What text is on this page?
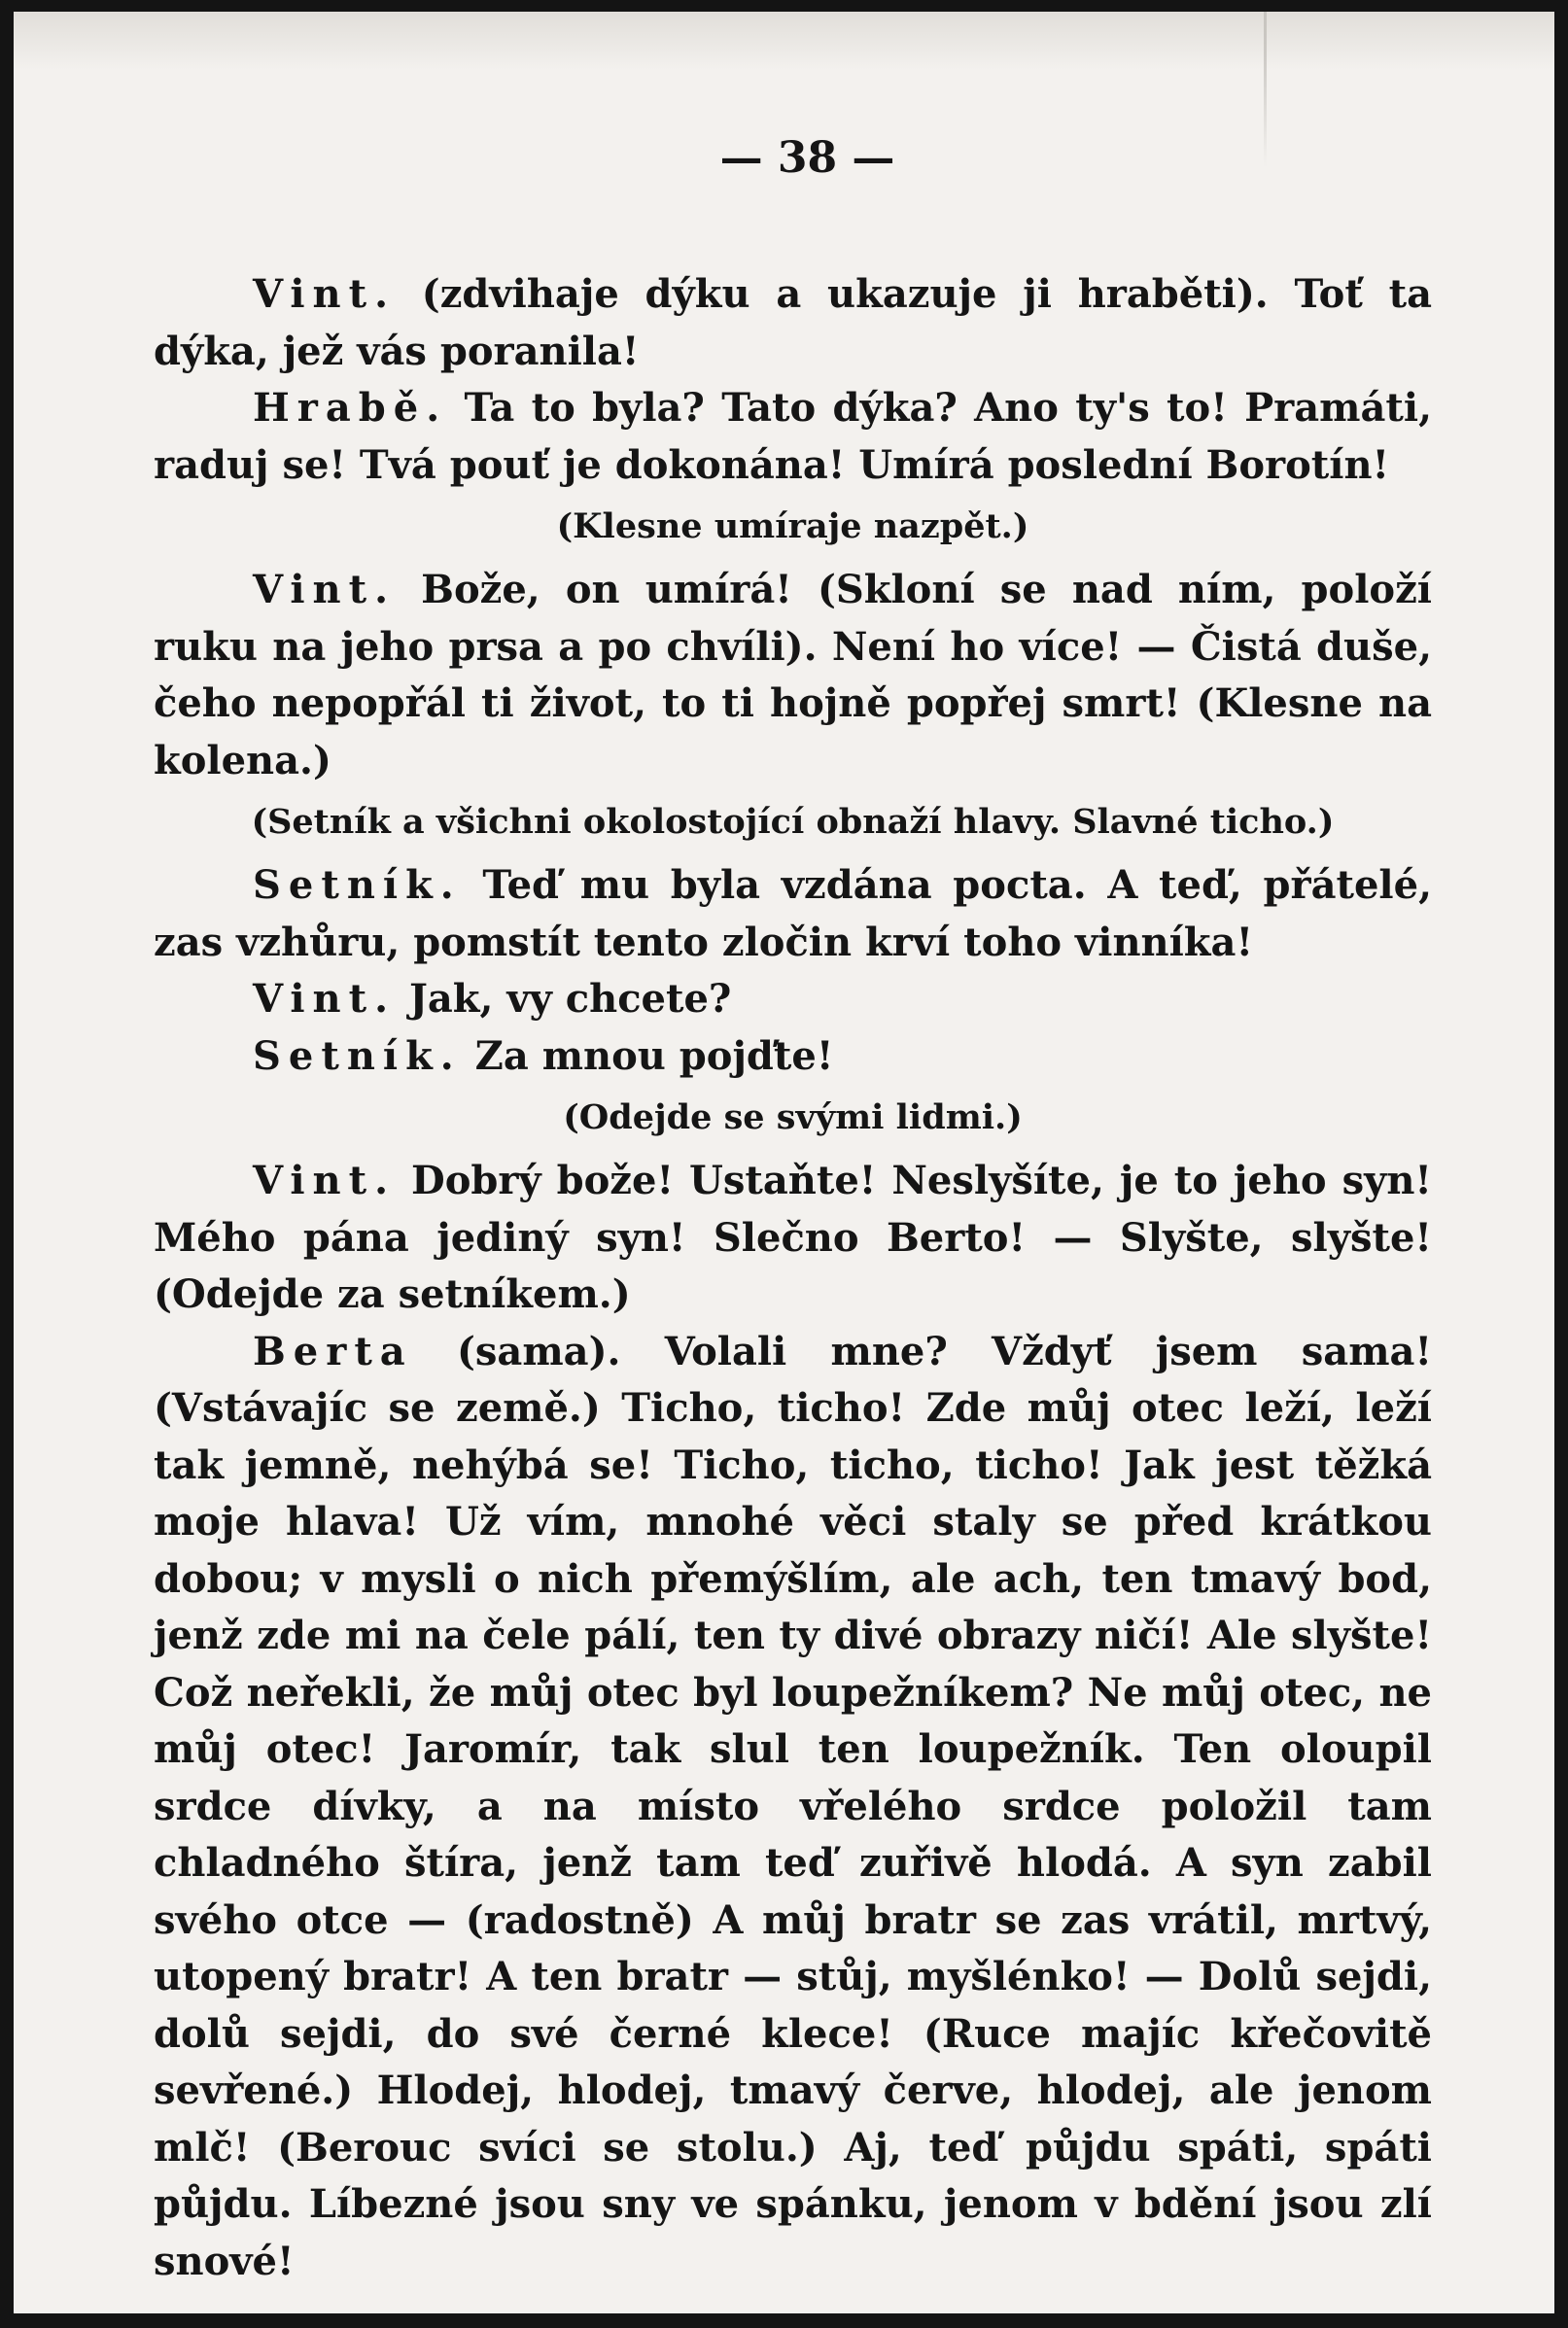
— 38 —

Vint. (zdvihaje dýku a ukazuje ji hraběti). Toť ta dýka, jež vás poranila!

Hrabě. Ta to byla? Tato dýka? Ano ty's to! Pramáti, raduj se! Tvá pouť je dokonána! Umírá poslední Borotín!

(Klesne umíraje nazpět.)

Vint. Bože, on umírá! (Skloní se nad ním, položí ruku na jeho prsa a po chvíli). Není ho více! — Čistá duše, čeho nepopřál ti život, to ti hojně popřej smrt! (Klesne na kolena.)

(Setník a všichni okolostojící obnaží hlavy. Slavné ticho.)

Setník. Teď mu byla vzdána pocta. A teď, přátelé, zas vzhůru, pomstít tento zločin krví toho vinníka!

Vint. Jak, vy chcete?

Setník. Za mnou pojďte!

(Odejde se svými lidmi.)

Vint. Dobrý bože! Ustaňte! Neslyšíte, je to jeho syn! Mého pána jediný syn! Slečno Berto! — Slyšte, slyšte! (Odejde za setníkem.)

Berta (sama). Volali mne? Vždyť jsem sama! (Vstávajíc se země.) Ticho, ticho! Zde můj otec leží, leží tak jemně, nehýbá se! Ticho, ticho, ticho! Jak jest těžká moje hlava! Už vím, mnohé věci staly se před krátkou dobou; v mysli o nich přemýšlím, ale ach, ten tmavý bod, jenž zde mi na čele pálí, ten ty divé obrazy ničí! Ale slyšte! Což neřekli, že můj otec byl loupežníkem? Ne můj otec, ne můj otec! Jaromír, tak slul ten loupežník. Ten oloupil srdce dívky, a na místo vřelého srdce položil tam chladného štíra, jenž tam teď zuřivě hlodá. A syn zabil svého otce — (radostně) A můj bratr se zas vrátil, mrtvý, utopený bratr! A ten bratr — stůj, myšlénko! — Dolů sejdi, dolů sejdi, do své černé klece! (Ruce majíc křečovitě sevřené.) Hlodej, hlodej, tmavý červe, hlodej, ale jenom mlč! (Berouc svíci se stolu.) Aj, teď půjdu spáti, spáti půjdu. Líbezné jsou sny ve spánku, jenom v bdění jsou zlí snové!
